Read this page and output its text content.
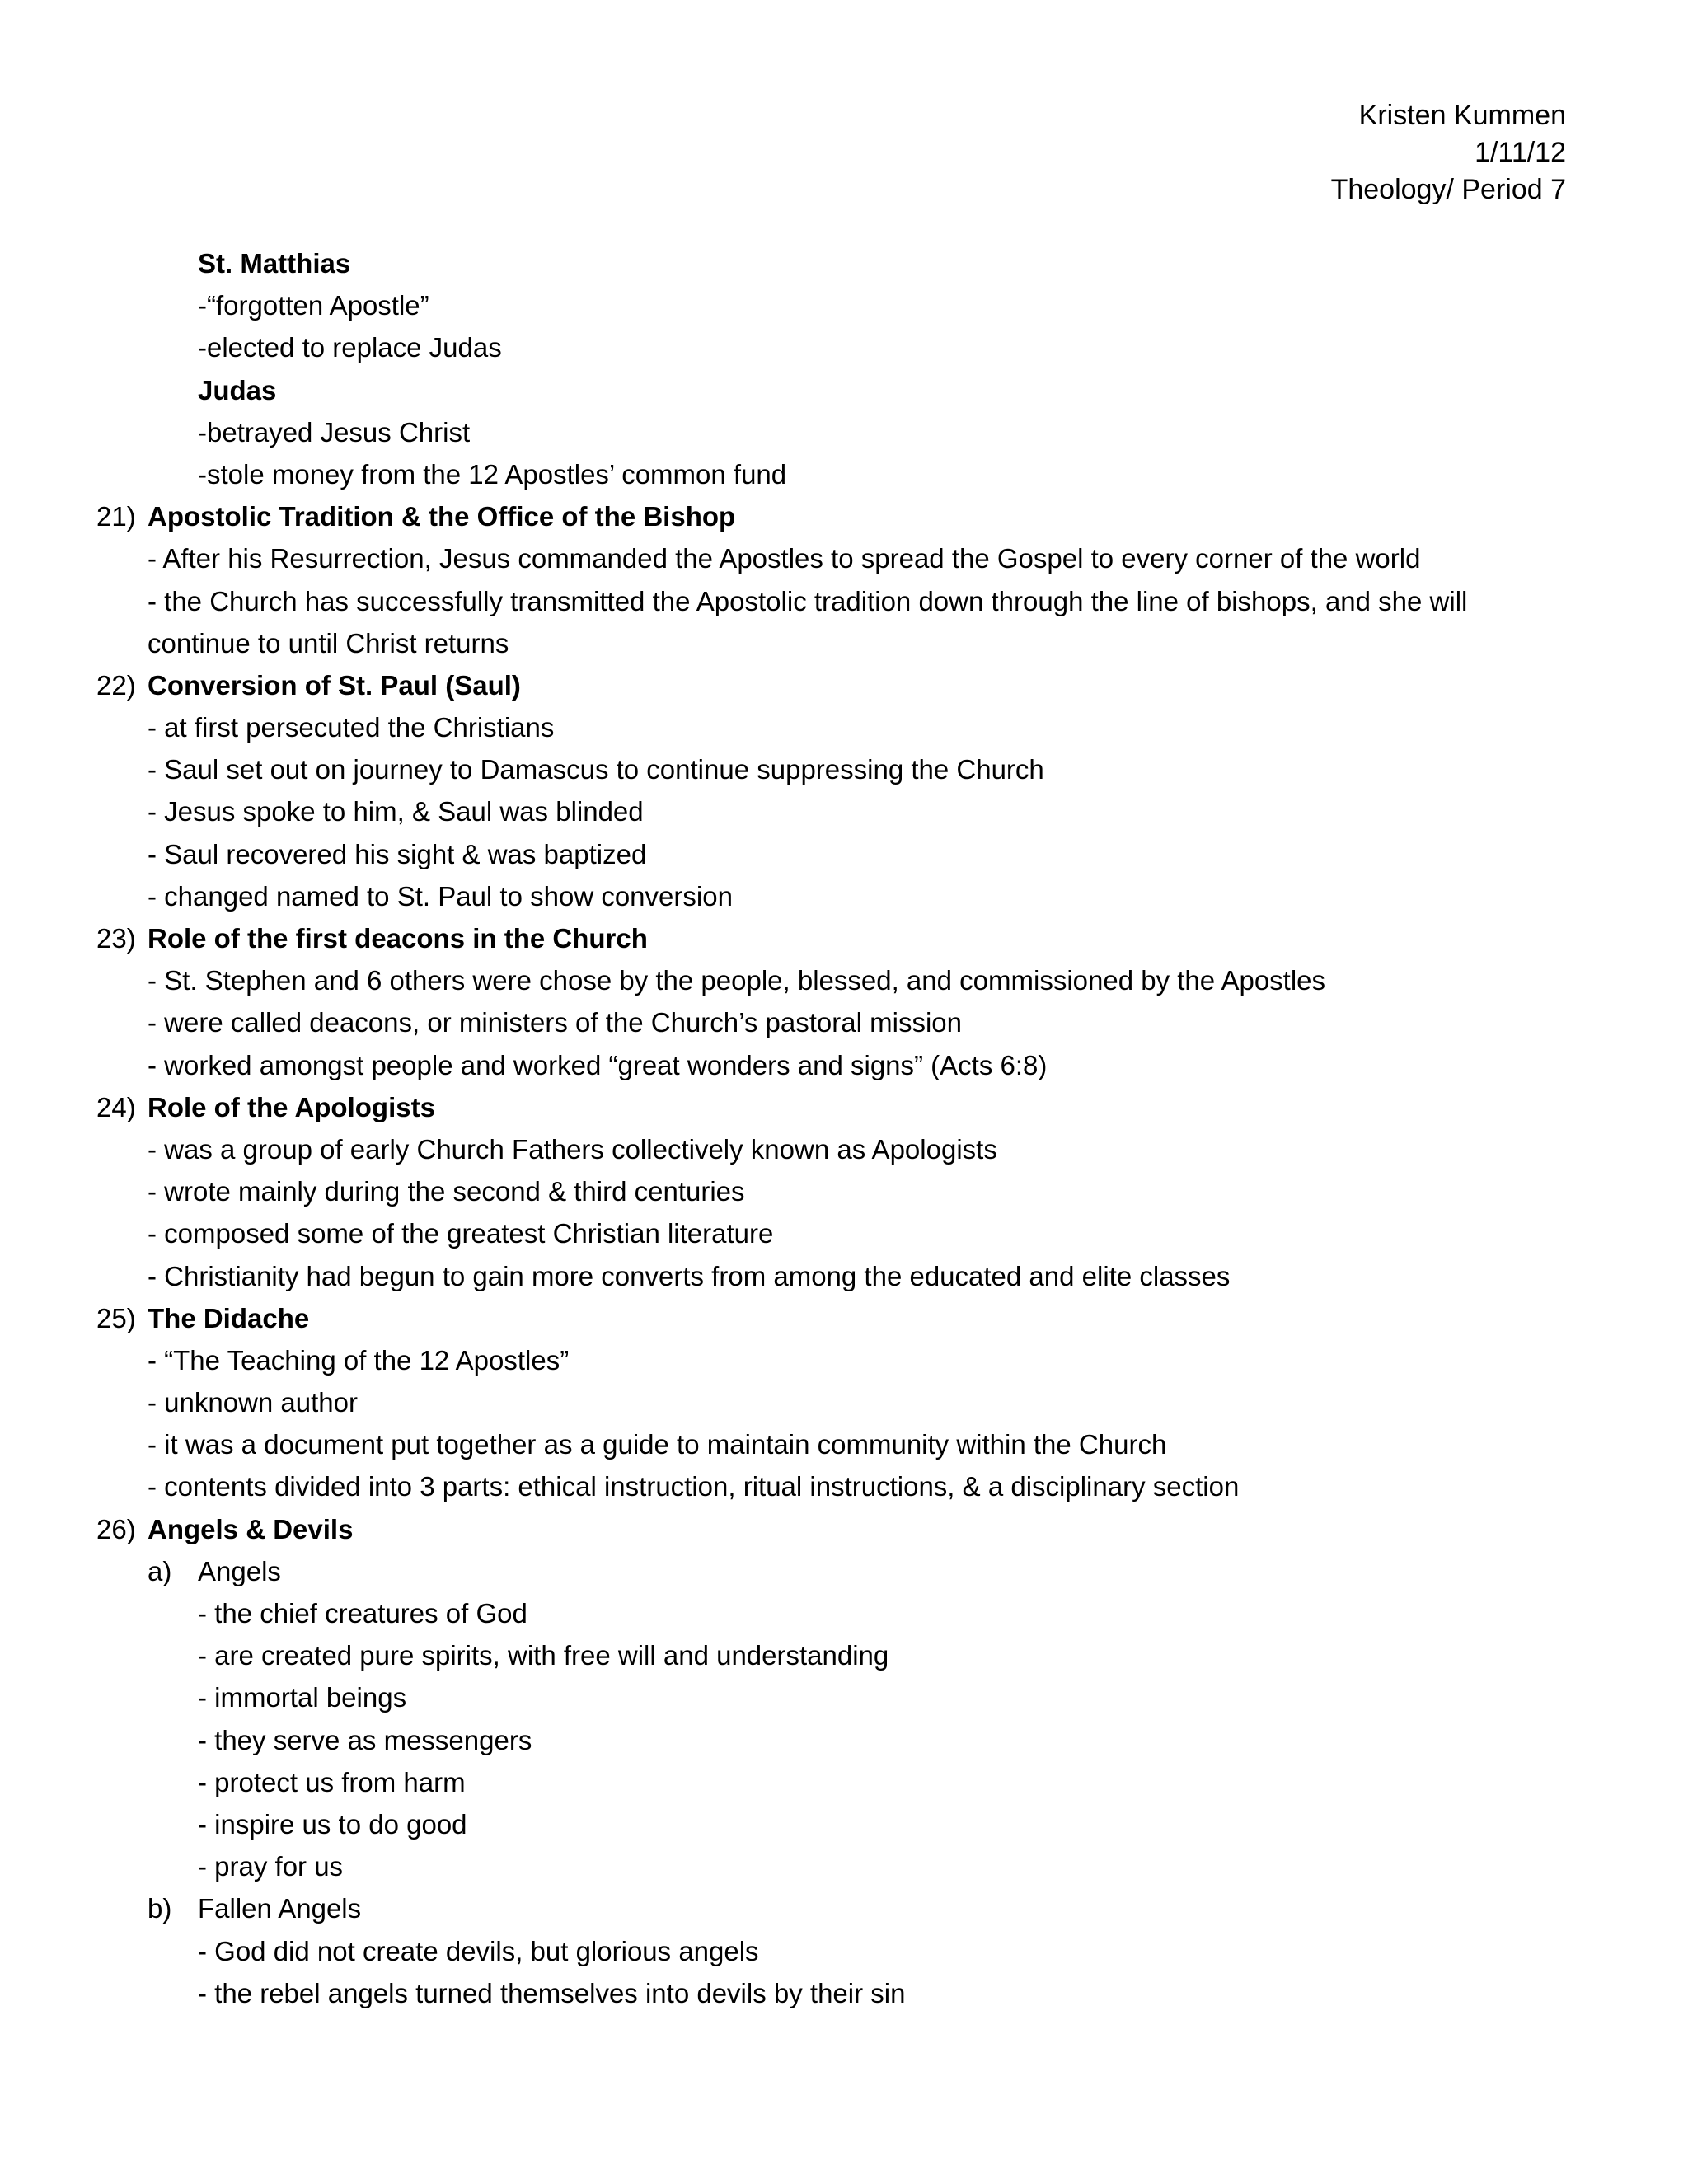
Kristen Kummen
1/11/12
Theology/ Period 7
St. Matthias
-“forgotten Apostle”
-elected to replace Judas
Judas
-betrayed Jesus Christ
-stole money from the 12 Apostles’ common fund
21) Apostolic Tradition & the Office of the Bishop
- After his Resurrection, Jesus commanded the Apostles to spread the Gospel to every corner of the world
- the Church has successfully transmitted the Apostolic tradition down through the line of bishops, and she will
continue to until Christ returns
22) Conversion of St. Paul (Saul)
- at first persecuted the Christians
- Saul set out on journey to Damascus to continue suppressing the Church
- Jesus spoke to him, & Saul was blinded
- Saul recovered his sight & was baptized
- changed named to St. Paul to show conversion
23) Role of the first deacons in the Church
- St. Stephen and 6 others were chose by the people, blessed, and commissioned by the Apostles
- were called deacons, or ministers of the Church’s pastoral mission
- worked amongst people and worked “great wonders and signs” (Acts 6:8)
24) Role of the Apologists
- was a group of early Church Fathers collectively known as Apologists
- wrote mainly during the second & third centuries
- composed some of the greatest Christian literature
- Christianity had begun to gain more converts from among the educated and elite classes
25) The Didache
- “The Teaching of the 12 Apostles”
- unknown author
- it was a document put together as a guide to maintain community within the Church
- contents divided into 3 parts: ethical instruction, ritual instructions, & a disciplinary section
26) Angels & Devils
a) Angels
- the chief creatures of God
- are created pure spirits, with free will and understanding
- immortal beings
- they serve as messengers
- protect us from harm
- inspire us to do good
- pray for us
b) Fallen Angels
- God did not create devils, but glorious angels
- the rebel angels turned themselves into devils by their sin
